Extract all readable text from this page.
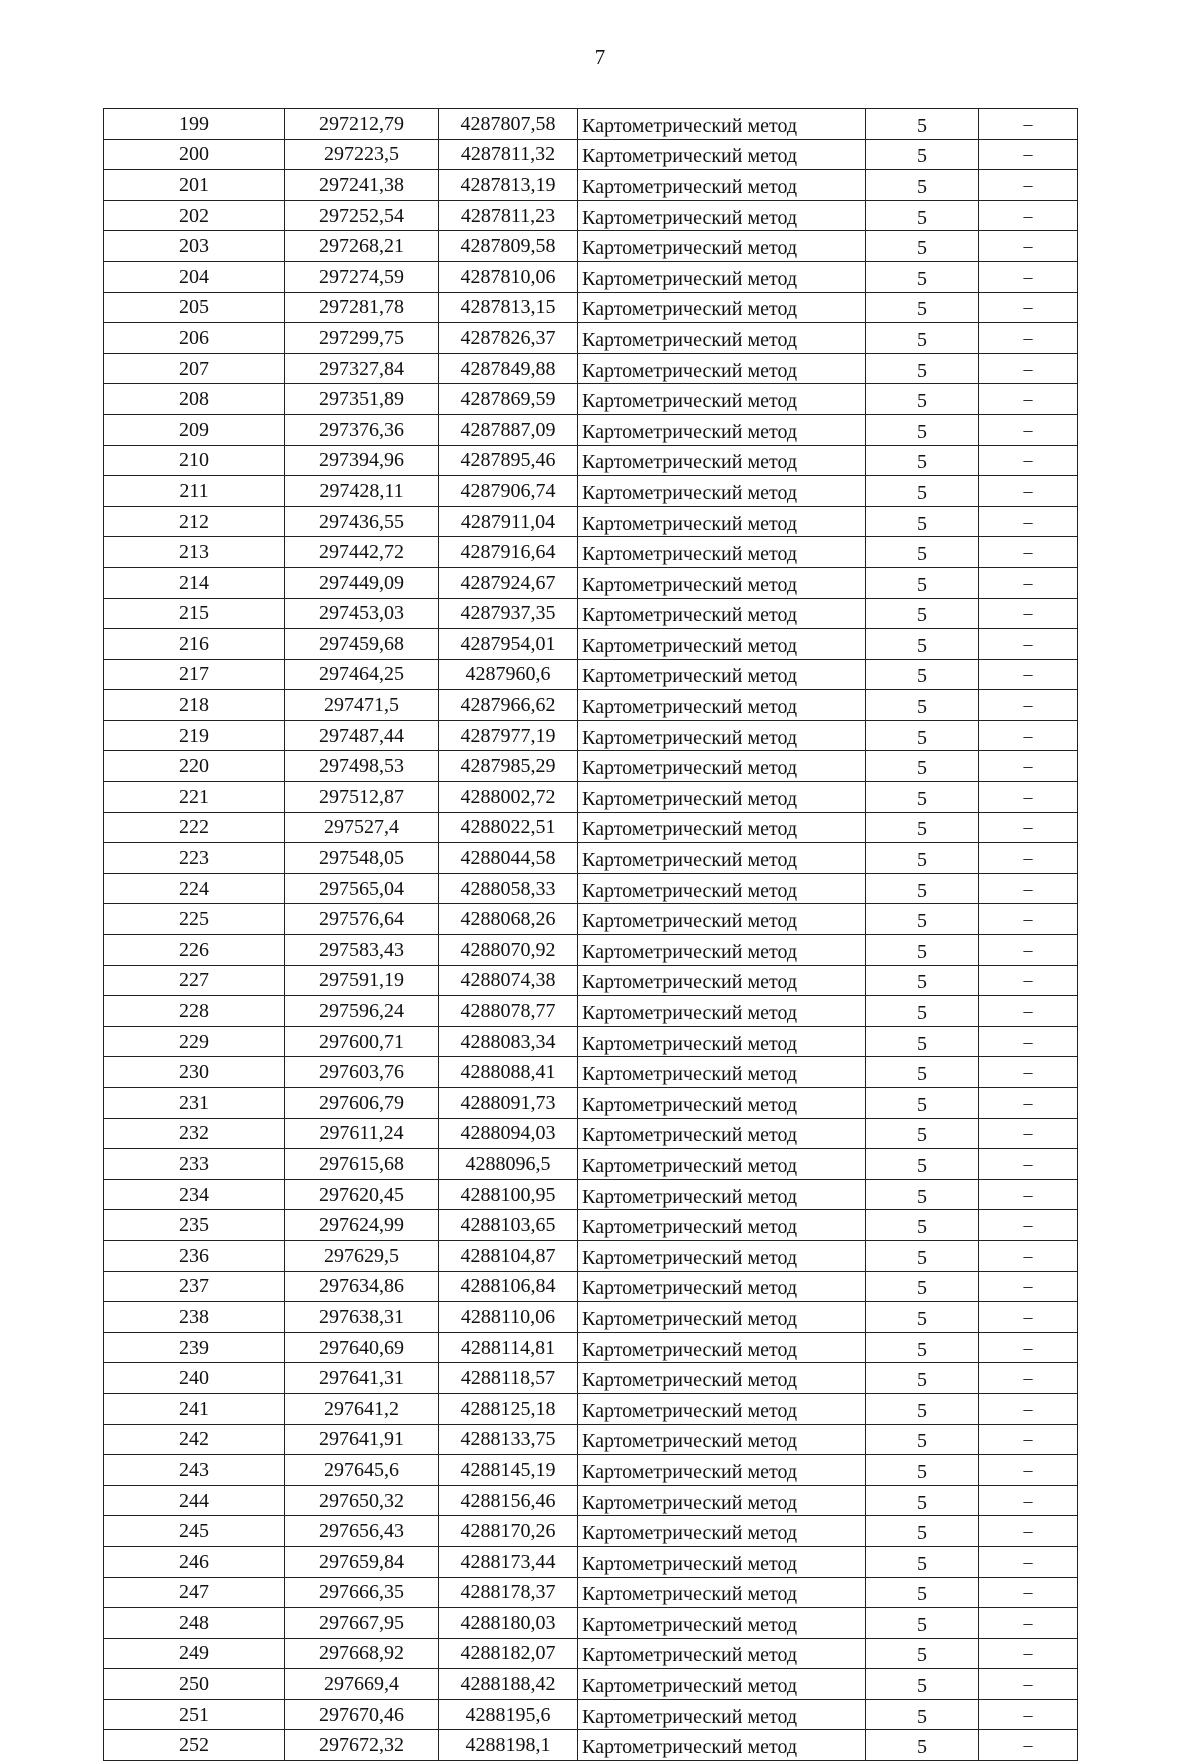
7
199	297212,79	4287807,58	Картометрический метод	5	–
200	297223,5	4287811,32	Картометрический метод	5	–
201	297241,38	4287813,19	Картометрический метод	5	–
202	297252,54	4287811,23	Картометрический метод	5	–
203	297268,21	4287809,58	Картометрический метод	5	–
204	297274,59	4287810,06	Картометрический метод	5	–
205	297281,78	4287813,15	Картометрический метод	5	–
206	297299,75	4287826,37	Картометрический метод	5	–
207	297327,84	4287849,88	Картометрический метод	5	–
208	297351,89	4287869,59	Картометрический метод	5	–
209	297376,36	4287887,09	Картометрический метод	5	–
210	297394,96	4287895,46	Картометрический метод	5	–
211	297428,11	4287906,74	Картометрический метод	5	–
212	297436,55	4287911,04	Картометрический метод	5	–
213	297442,72	4287916,64	Картометрический метод	5	–
214	297449,09	4287924,67	Картометрический метод	5	–
215	297453,03	4287937,35	Картометрический метод	5	–
216	297459,68	4287954,01	Картометрический метод	5	–
217	297464,25	4287960,6	Картометрический метод	5	–
218	297471,5	4287966,62	Картометрический метод	5	–
219	297487,44	4287977,19	Картометрический метод	5	–
220	297498,53	4287985,29	Картометрический метод	5	–
221	297512,87	4288002,72	Картометрический метод	5	–
222	297527,4	4288022,51	Картометрический метод	5	–
223	297548,05	4288044,58	Картометрический метод	5	–
224	297565,04	4288058,33	Картометрический метод	5	–
225	297576,64	4288068,26	Картометрический метод	5	–
226	297583,43	4288070,92	Картометрический метод	5	–
227	297591,19	4288074,38	Картометрический метод	5	–
228	297596,24	4288078,77	Картометрический метод	5	–
229	297600,71	4288083,34	Картометрический метод	5	–
230	297603,76	4288088,41	Картометрический метод	5	–
231	297606,79	4288091,73	Картометрический метод	5	–
232	297611,24	4288094,03	Картометрический метод	5	–
233	297615,68	4288096,5	Картометрический метод	5	–
234	297620,45	4288100,95	Картометрический метод	5	–
235	297624,99	4288103,65	Картометрический метод	5	–
236	297629,5	4288104,87	Картометрический метод	5	–
237	297634,86	4288106,84	Картометрический метод	5	–
238	297638,31	4288110,06	Картометрический метод	5	–
239	297640,69	4288114,81	Картометрический метод	5	–
240	297641,31	4288118,57	Картометрический метод	5	–
241	297641,2	4288125,18	Картометрический метод	5	–
242	297641,91	4288133,75	Картометрический метод	5	–
243	297645,6	4288145,19	Картометрический метод	5	–
244	297650,32	4288156,46	Картометрический метод	5	–
245	297656,43	4288170,26	Картометрический метод	5	–
246	297659,84	4288173,44	Картометрический метод	5	–
247	297666,35	4288178,37	Картометрический метод	5	–
248	297667,95	4288180,03	Картометрический метод	5	–
249	297668,92	4288182,07	Картометрический метод	5	–
250	297669,4	4288188,42	Картометрический метод	5	–
251	297670,46	4288195,6	Картометрический метод	5	–
252	297672,32	4288198,1	Картометрический метод	5	–
